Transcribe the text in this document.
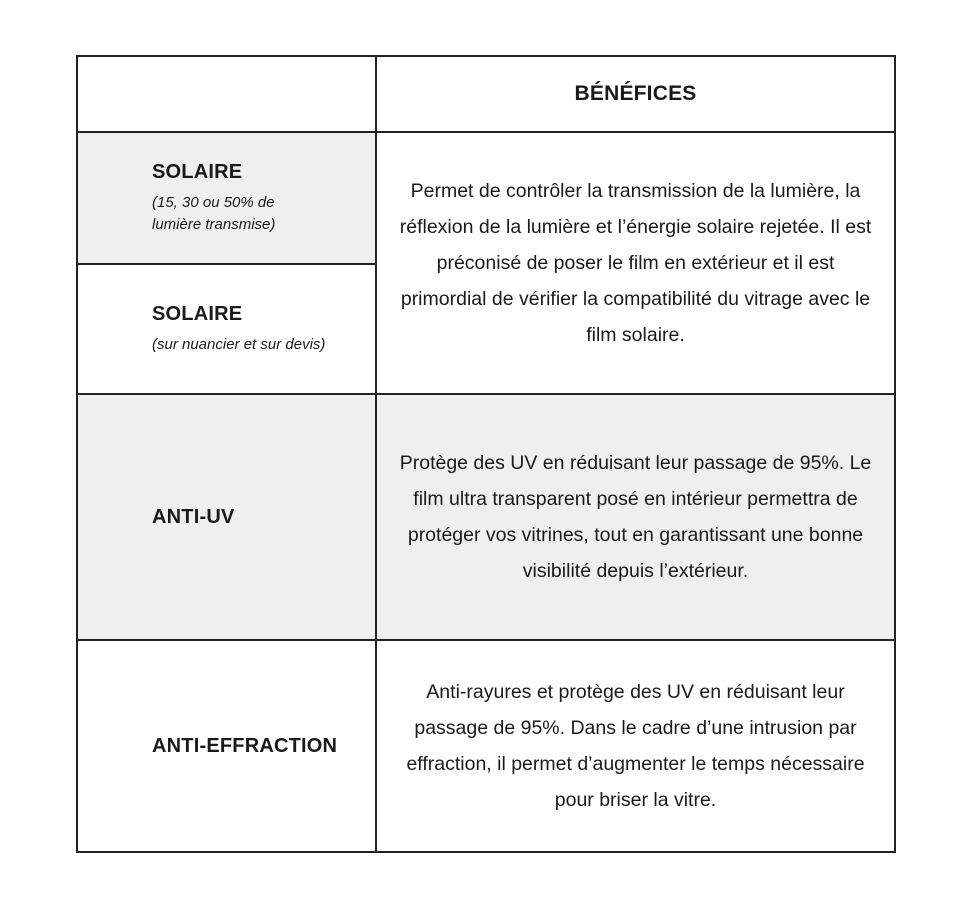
BÉNÉFICES
SOLAIRE
(15, 30 ou 50% de lumière transmise)
SOLAIRE
(sur nuancier et sur devis)
ANTI-UV
ANTI-EFFRACTION
Permet de contrôler la transmission de la lumière, la réflexion de la lumière et l’énergie solaire rejetée. Il est préconisé de poser le film en extérieur et il est primordial de vérifier la compatibilité du vitrage avec le film solaire.
Protège des UV en réduisant leur passage de 95%. Le film ultra transparent posé en intérieur permettra de protéger vos vitrines, tout en garantissant une bonne visibilité depuis l’extérieur.
Anti-rayures et protège des UV en réduisant leur passage de 95%. Dans le cadre d’une intrusion par effraction, il permet d’augmenter le temps nécessaire pour briser la vitre.
